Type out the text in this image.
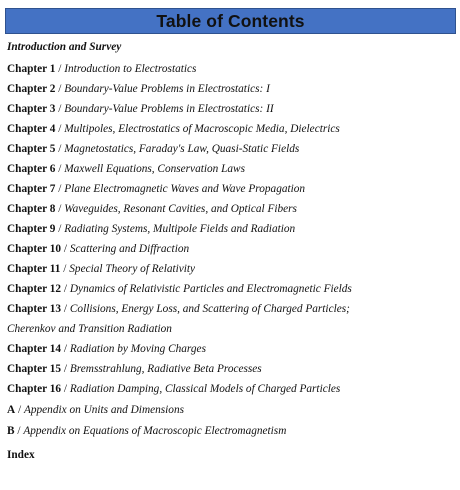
Table of Contents
Introduction and Survey
Chapter 1 / Introduction to Electrostatics
Chapter 2 / Boundary-Value Problems in Electrostatics: I
Chapter 3 / Boundary-Value Problems in Electrostatics: II
Chapter 4 / Multipoles, Electrostatics of Macroscopic Media, Dielectrics
Chapter 5 / Magnetostatics, Faraday's Law, Quasi-Static Fields
Chapter 6 / Maxwell Equations, Conservation Laws
Chapter 7 / Plane Electromagnetic Waves and Wave Propagation
Chapter 8 / Waveguides, Resonant Cavities, and Optical Fibers
Chapter 9 / Radiating Systems, Multipole Fields and Radiation
Chapter 10 / Scattering and Diffraction
Chapter 11 / Special Theory of Relativity
Chapter 12 / Dynamics of Relativistic Particles and Electromagnetic Fields
Chapter 13 / Collisions, Energy Loss, and Scattering of Charged Particles;
Cherenkov and Transition Radiation
Chapter 14 / Radiation by Moving Charges
Chapter 15 / Bremsstrahlung, Radiative Beta Processes
Chapter 16 / Radiation Damping, Classical Models of Charged Particles
A / Appendix on Units and Dimensions
B / Appendix on Equations of Macroscopic Electromagnetism
Index
